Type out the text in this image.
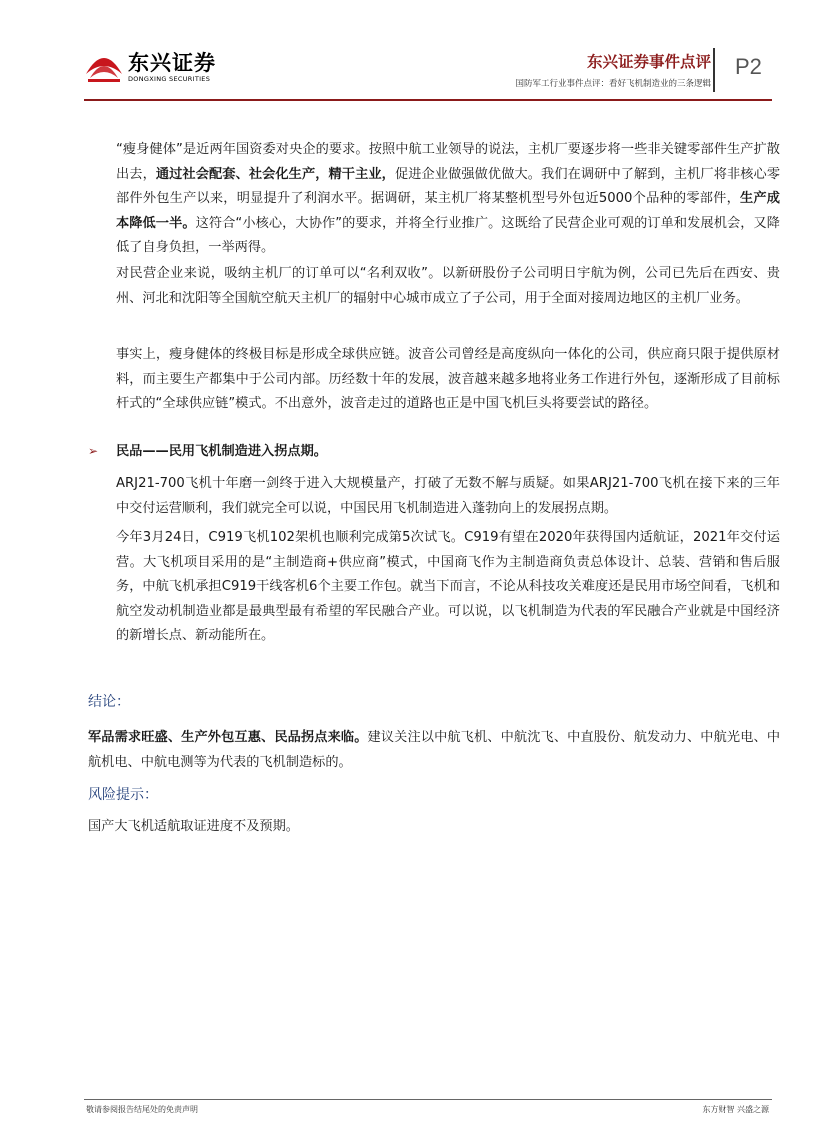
东兴证券
DONGXING SECURITIES
东兴证券事件点评
国防军工行业事件点评：看好飞机制造业的三条逻辑
P2

“瘦身健体”是近两年国资委对央企的要求。按照中航工业领导的说法，主机厂要逐步将一些非关键零部件生产扩散出去，通过社会配套、社会化生产，精干主业，促进企业做强做优做大。我们在调研中了解到，主机厂将非核心零部件外包生产以来，明显提升了利润水平。据调研，某主机厂将某整机型号外包近5000个品种的零部件，生产成本降低一半。这符合“小核心，大协作”的要求，并将全行业推广。这既给了民营企业可观的订单和发展机会，又降低了自身负担，一举两得。

对民营企业来说，吸纳主机厂的订单可以“名利双收”。以新研股份子公司明日宇航为例，公司已先后在西安、贵州、河北和沈阳等全国航空航天主机厂的辐射中心城市成立了子公司，用于全面对接周边地区的主机厂业务。

事实上，瘦身健体的终极目标是形成全球供应链。波音公司曾经是高度纵向一体化的公司，供应商只限于提供原材料，而主要生产都集中于公司内部。历经数十年的发展，波音越来越多地将业务工作进行外包，逐渐形成了目前标杆式的“全球供应链”模式。不出意外，波音走过的道路也正是中国飞机巨头将要尝试的路径。

➢ 民品——民用飞机制造进入拐点期。

ARJ21-700飞机十年磨一剑终于进入大规模量产，打破了无数不解与质疑。如果ARJ21-700飞机在接下来的三年中交付运营顺利，我们就完全可以说，中国民用飞机制造进入蓬勃向上的发展拐点期。

今年3月24日，C919飞机102架机也顺利完成第5次试飞。C919有望在2020年获得国内适航证，2021年交付运营。大飞机项目采用的是“主制造商+供应商”模式，中国商飞作为主制造商负责总体设计、总装、营销和售后服务，中航飞机承担C919干线客机6个主要工作包。就当下而言，不论从科技攻关难度还是民用市场空间看，飞机和航空发动机制造业都是最典型最有希望的军民融合产业。可以说，以飞机制造为代表的军民融合产业就是中国经济的新增长点、新动能所在。

结论：

军品需求旺盛、生产外包互惠、民品拐点来临。建议关注以中航飞机、中航沈飞、中直股份、航发动力、中航光电、中航机电、中航电测等为代表的飞机制造标的。

风险提示：
国产大飞机适航取证进度不及预期。
敬请参阅报告结尾处的免责声明	东方财智 兴盛之源
